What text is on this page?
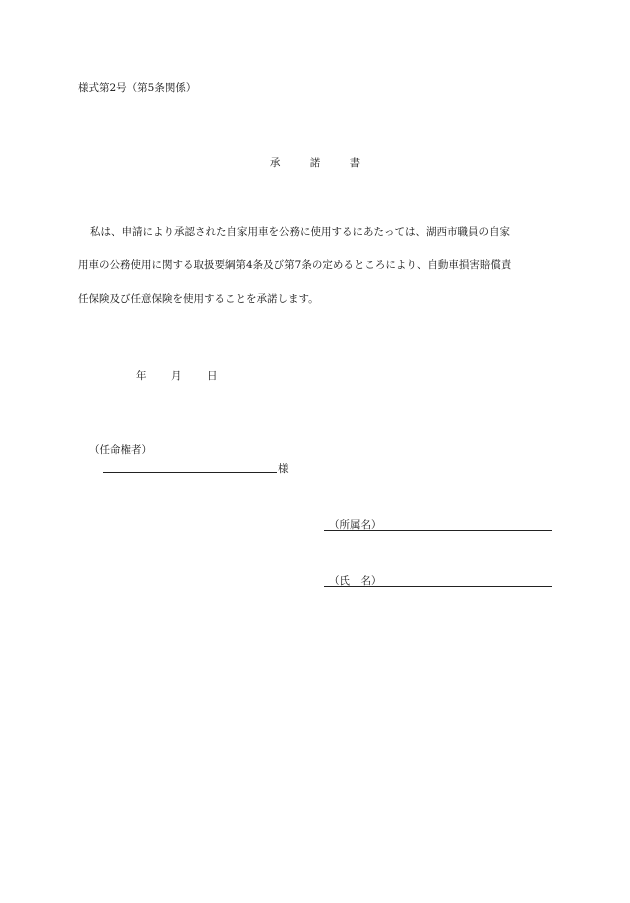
様式第2号（第5条関係）
承	諾	書
私は、申請により承認された自家用車を公務に使用するにあたっては、湖西市職員の自家
用車の公務使用に関する取扱要綱第4条及び第7条の定めるところにより、自動車損害賠償責
任保険及び任意保険を使用することを承諾します。
年 月 日
（任命権者）
様
（所属名）
（氏　名）
